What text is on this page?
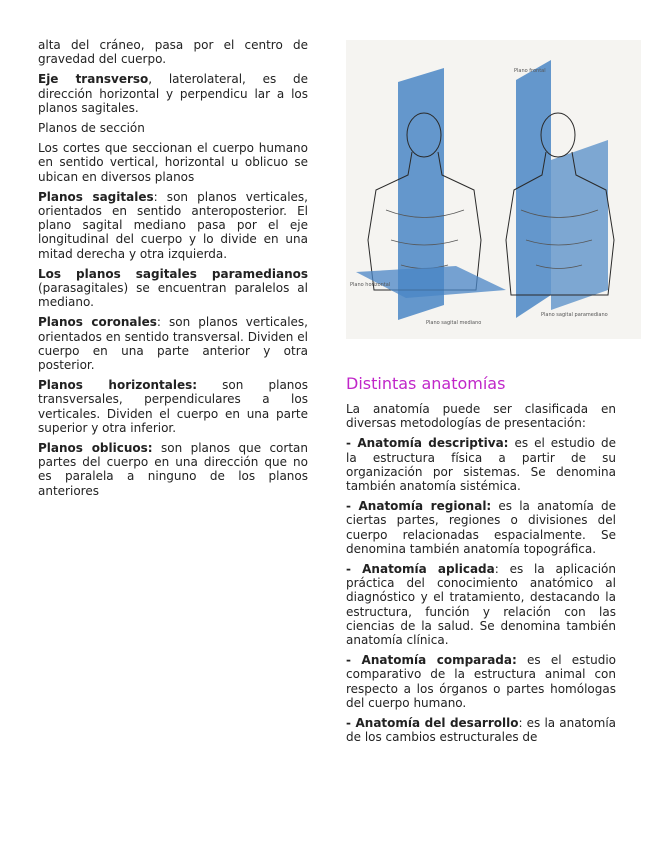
alta del cráneo, pasa por el centro de gravedad del cuerpo.

Eje transverso, laterolateral, es de dirección horizontal y perpendicu lar a los planos sagitales.

Planos de sección

Los cortes que seccionan el cuerpo humano en sentido vertical, horizontal u oblicuo se ubican en diversos planos

Planos sagitales: son planos verticales, orientados en sentido anteroposterior. El plano sagital mediano pasa por el eje longitudinal del cuerpo y lo divide en una mitad derecha y otra izquierda.

Los planos sagitales paramedianos (parasagitales) se encuentran paralelos al mediano.

Planos coronales: son planos verticales, orientados en sentido transversal. Dividen el cuerpo en una parte anterior y otra posterior.

Planos horizontales: son planos transversales, perpendiculares a los verticales. Dividen el cuerpo en una parte superior y otra inferior.

Planos oblicuos: son planos que cortan partes del cuerpo en una dirección que no es paralela a ninguno de los planos anteriores

Plano frontal
Plano horizontal
Plano sagital mediano
Plano sagital paramediano
Distintas anatomías

La anatomía puede ser clasificada en diversas metodologías de presentación:

- Anatomía descriptiva: es el estudio de la estructura física a partir de su organización por sistemas. Se denomina también anatomía sistémica.

- Anatomía regional: es la anatomía de ciertas partes, regiones o divisiones del cuerpo relacionadas espacialmente. Se denomina también anatomía topográfica.

- Anatomía aplicada: es la aplicación práctica del conocimiento anatómico al diagnóstico y el tratamiento, destacando la estructura, función y relación con las ciencias de la salud. Se denomina también anatomía clínica.

- Anatomía comparada: es el estudio comparativo de la estructura animal con respecto a los órganos o partes homólogas del cuerpo humano.

- Anatomía del desarrollo: es la anatomía de los cambios estructurales de
